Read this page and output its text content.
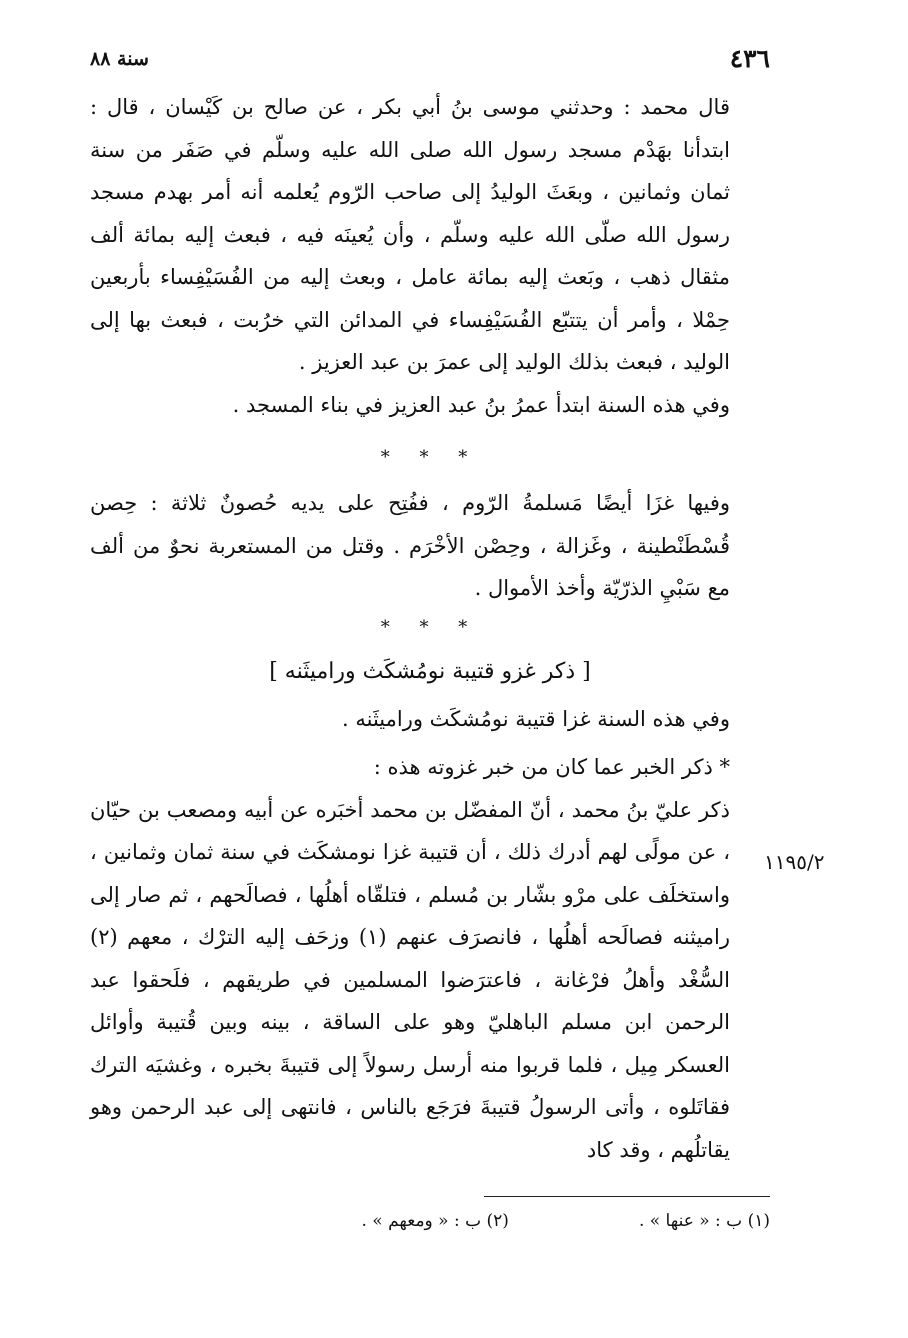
٤٣٦
سنة ٨٨
١١٩٥/٢

قال محمد : وحدثني موسى بنُ أبي بكر ، عن صالح بن كَيْسان ، قال : ابتدأنا بهَدْم مسجد رسول الله صلى الله عليه وسلّم في صَفَر من سنة ثمان وثمانين ، وبعَثَ الوليدُ إلى صاحب الرّوم يُعلمه أنه أمر بهدم مسجد رسول الله صلّى الله عليه وسلّم ، وأن يُعينَه فيه ، فبعث إليه بمائة ألف مثقال ذهب ، وبَعث إليه بمائة عامل ، وبعث إليه من الفُسَيْفِساء بأربعين حِمْلا ، وأمر أن يتتبّع الفُسَيْفِساء في المدائن التي خرُبت ، فبعث بها إلى الوليد ، فبعث بذلك الوليد إلى عمرَ بن عبد العزيز .

وفي هذه السنة ابتدأ عمرُ بنُ عبد العزيز في بناء المسجد .

* * *

وفيها غزَا أيضًا مَسلمةُ الرّوم ، ففُتِح على يديه حُصونٌ ثلاثة : حِصن قُسْطَنْطينة ، وغَزالة ، وحِصْن الأخْرَم . وقتل من المستعربة نحوٌ من ألف مع سَبْيِ الذرّيّة وأخذ الأموال .

* * *
[ ذكر غزو قتيبة نومُشكَث وراميثَنه ]

وفي هذه السنة غزا قتيبة نومُشكَث وراميثَنه .

* ذكر الخبر عما كان من خبر غزوته هذه :

ذكر عليّ بنُ محمد ، أنّ المفضّل بن محمد أخبَره عن أبيه ومصعب بن حيّان ، عن مولًى لهم أدرك ذلك ، أن قتيبة غزا نومشكَث في سنة ثمان وثمانين ، واستخلَف على مرْو بشّار بن مُسلم ، فتلقّاه أهلُها ، فصالَحهم ، ثم صار إلى راميثنه فصالَحه أهلُها ، فانصرَف عنهم (١) وزحَف إليه الترْك ، معهم (٢) السُّغْد وأهلُ فرْغانة ، فاعترَضوا المسلمين في طريقهم ، فلَحقوا عبد الرحمن ابن مسلم الباهليّ وهو على الساقة ، بينه وبين قُتيبة وأوائل العسكر مِيل ، فلما قربوا منه أرسل رسولاً إلى قتيبةَ بخبره ، وغشيَه الترك فقاتَلوه ، وأتى الرسولُ قتيبةَ فرَجَع بالناس ، فانتهى إلى عبد الرحمن وهو يقاتلُهم ، وقد كاد

(١) ب : « عنها » .
(٢) ب : « ومعهم » .
